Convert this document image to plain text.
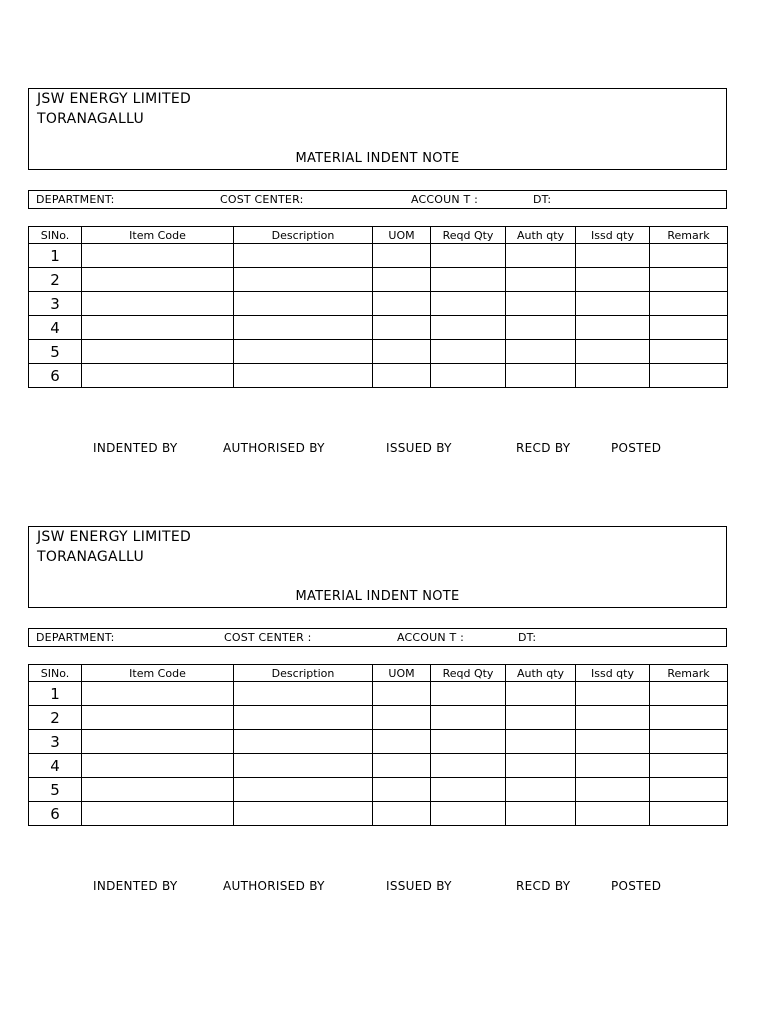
JSW ENERGY LIMITED
TORANAGALLU
MATERIAL INDENT NOTE
DEPARTMENT:	COST CENTER:	ACCOUN T :	DT:
SINo.	Item Code	Description	UOM	Reqd Qty	Auth qty	Issd qty	Remark
1							
2							
3							
4							
5							
6							
INDENTED BY	AUTHORISED BY	ISSUED BY	RECD BY	POSTED
JSW ENERGY LIMITED
TORANAGALLU
MATERIAL INDENT NOTE
DEPARTMENT:	COST CENTER :	ACCOUN T :	DT:
SINo.	Item Code	Description	UOM	Reqd Qty	Auth qty	Issd qty	Remark
1							
2							
3							
4							
5							
6							
INDENTED BY	AUTHORISED BY	ISSUED BY	RECD BY	POSTED
